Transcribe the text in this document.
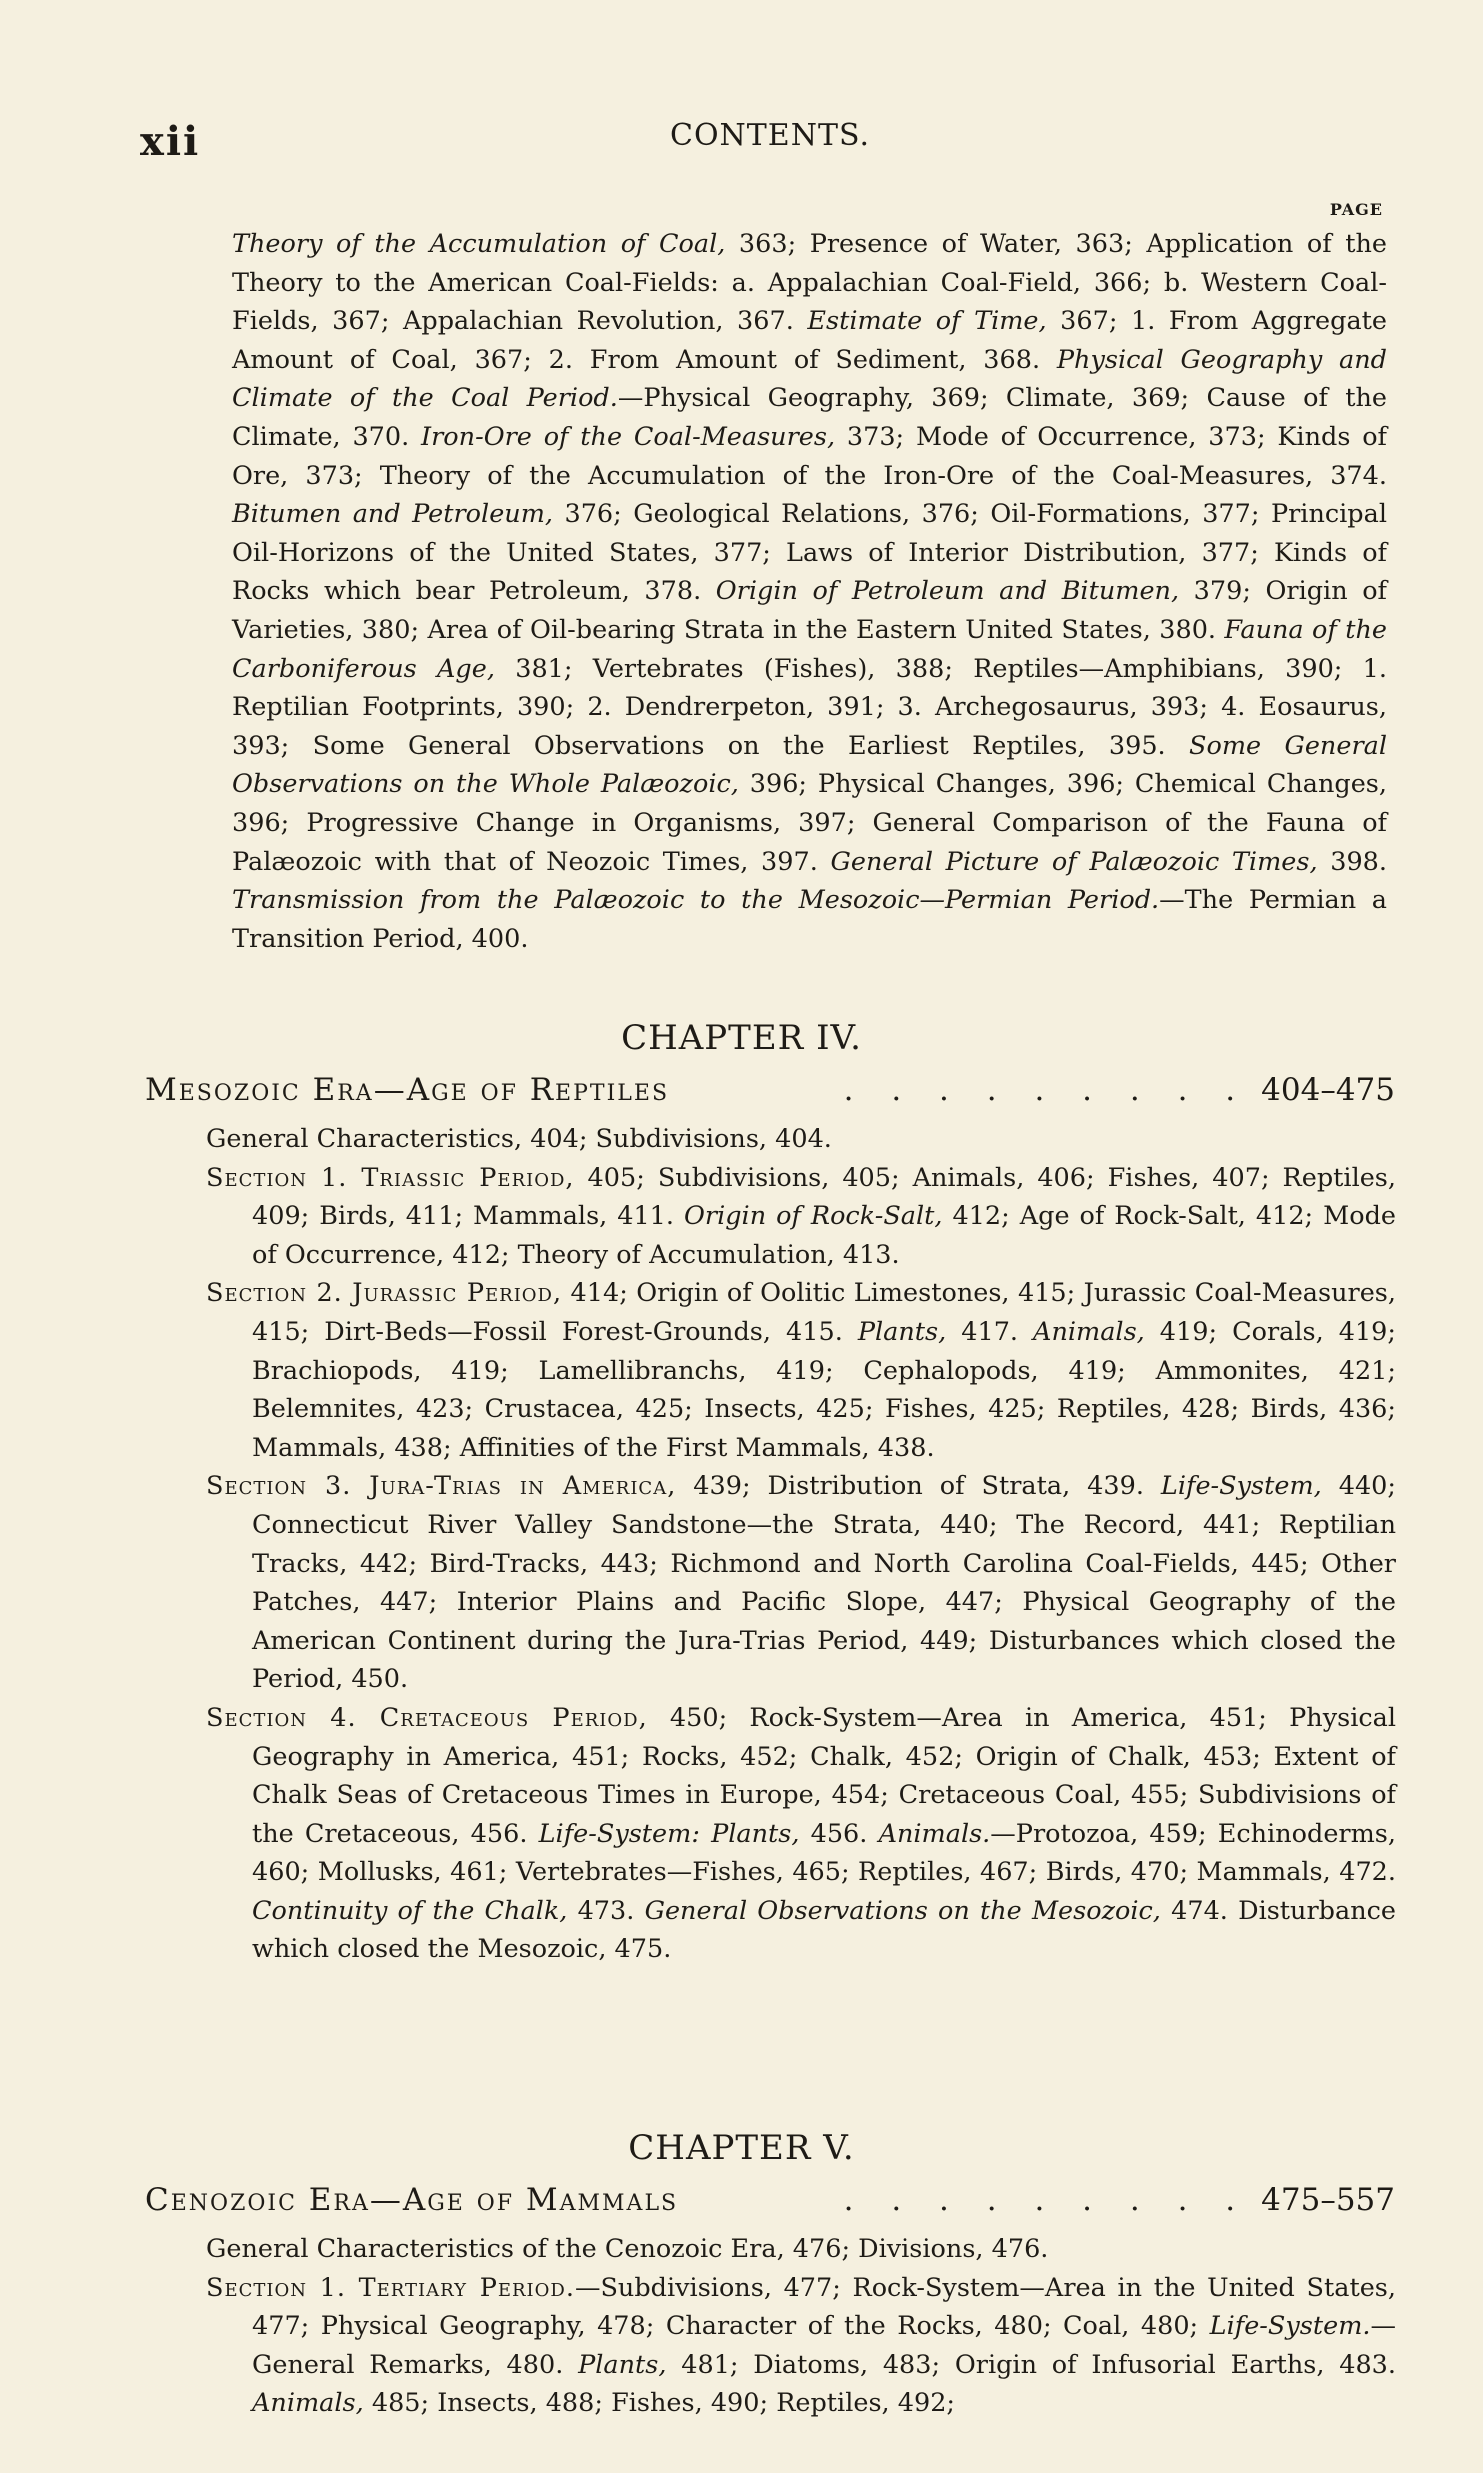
xii	CONTENTS.
PAGE
Theory of the Accumulation of Coal, 363; Presence of Water, 363; Application of the Theory to the American Coal-Fields: a. Appalachian Coal-Field, 366; b. Western Coal-Fields, 367; Appalachian Revolution, 367. Estimate of Time, 367; 1. From Aggregate Amount of Coal, 367; 2. From Amount of Sediment, 368. Physical Geography and Climate of the Coal Period.—Physical Geography, 369; Climate, 369; Cause of the Climate, 370. Iron-Ore of the Coal-Measures, 373; Mode of Occurrence, 373; Kinds of Ore, 373; Theory of the Accumulation of the Iron-Ore of the Coal-Measures, 374. Bitumen and Petroleum, 376; Geological Relations, 376; Oil-Formations, 377; Principal Oil-Horizons of the United States, 377; Laws of Interior Distribution, 377; Kinds of Rocks which bear Petroleum, 378. Origin of Petroleum and Bitumen, 379; Origin of Varieties, 380; Area of Oil-bearing Strata in the Eastern United States, 380. Fauna of the Carboniferous Age, 381; Vertebrates (Fishes), 388; Reptiles—Amphibians, 390; 1. Reptilian Footprints, 390; 2. Dendrerpeton, 391; 3. Archegosaurus, 393; 4. Eosaurus, 393; Some General Observations on the Earliest Reptiles, 395. Some General Observations on the Whole Palæozoic, 396; Physical Changes, 396; Chemical Changes, 396; Progressive Change in Organisms, 397; General Comparison of the Fauna of Palæozoic with that of Neozoic Times, 397. General Picture of Palæozoic Times, 398. Transmission from the Palæozoic to the Mesozoic—Permian Period.—The Permian a Transition Period, 400.
CHAPTER IV.
Mesozoic Era—Age of Reptiles	. . . . . . . . . 404–475

General Characteristics, 404; Subdivisions, 404.

Section 1. Triassic Period, 405; Subdivisions, 405; Animals, 406; Fishes, 407; Reptiles, 409; Birds, 411; Mammals, 411. Origin of Rock-Salt, 412; Age of Rock-Salt, 412; Mode of Occurrence, 412; Theory of Accumulation, 413.

Section 2. Jurassic Period, 414; Origin of Oolitic Limestones, 415; Jurassic Coal-Measures, 415; Dirt-Beds—Fossil Forest-Grounds, 415. Plants, 417. Animals, 419; Corals, 419; Brachiopods, 419; Lamellibranchs, 419; Cephalopods, 419; Ammonites, 421; Belemnites, 423; Crustacea, 425; Insects, 425; Fishes, 425; Reptiles, 428; Birds, 436; Mammals, 438; Affinities of the First Mammals, 438.

Section 3. Jura-Trias in America, 439; Distribution of Strata, 439. Life-System, 440; Connecticut River Valley Sandstone—the Strata, 440; The Record, 441; Reptilian Tracks, 442; Bird-Tracks, 443; Richmond and North Carolina Coal-Fields, 445; Other Patches, 447; Interior Plains and Pacific Slope, 447; Physical Geography of the American Continent during the Jura-Trias Period, 449; Disturbances which closed the Period, 450.

Section 4. Cretaceous Period, 450; Rock-System—Area in America, 451; Physical Geography in America, 451; Rocks, 452; Chalk, 452; Origin of Chalk, 453; Extent of Chalk Seas of Cretaceous Times in Europe, 454; Cretaceous Coal, 455; Subdivisions of the Cretaceous, 456. Life-System: Plants, 456. Animals.—Protozoa, 459; Echinoderms, 460; Mollusks, 461; Vertebrates—Fishes, 465; Reptiles, 467; Birds, 470; Mammals, 472. Continuity of the Chalk, 473. General Observations on the Mesozoic, 474. Disturbance which closed the Mesozoic, 475.

CHAPTER V.
Cenozoic Era—Age of Mammals	. . . . . . . . . 475–557

General Characteristics of the Cenozoic Era, 476; Divisions, 476.

Section 1. Tertiary Period.—Subdivisions, 477; Rock-System—Area in the United States, 477; Physical Geography, 478; Character of the Rocks, 480; Coal, 480; Life-System.—General Remarks, 480. Plants, 481; Diatoms, 483; Origin of Infusorial Earths, 483. Animals, 485; Insects, 488; Fishes, 490; Reptiles, 492;
